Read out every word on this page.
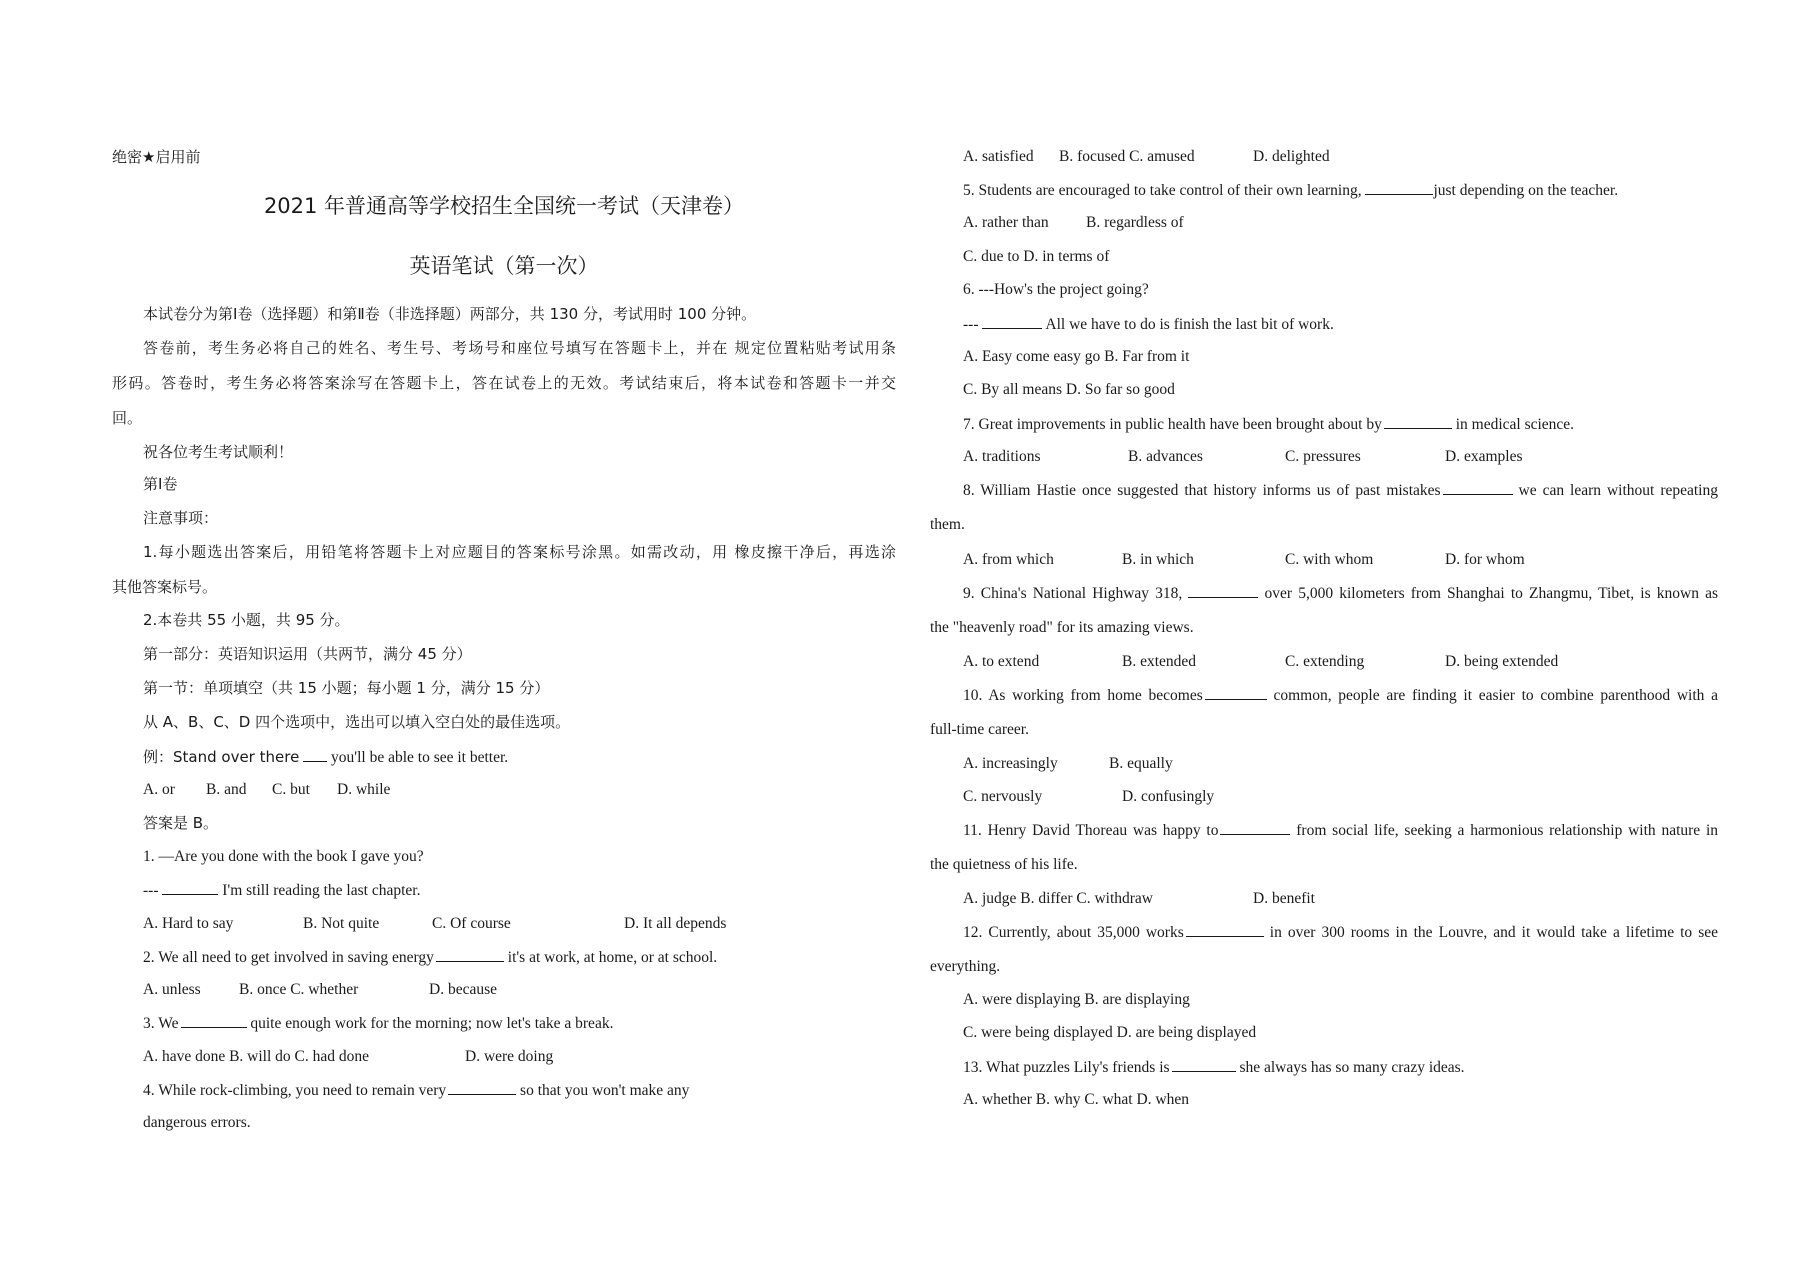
绝密★启用前
2021 年普通高等学校招生全国统一考试（天津卷）
英语笔试（第一次）
本试卷分为第Ⅰ卷（选择题）和第Ⅱ卷（非选择题）两部分，共 130 分，考试用时 100 分钟。
答卷前，考生务必将自己的姓名、考生号、考场号和座位号填写在答题卡上，并在 规定位置粘贴考试用条
形码。答卷时，考生务必将答案涂写在答题卡上，答在试卷上的无效。考试结束后，将本试卷和答题卡一并交
回。
祝各位考生考试顺利！
第Ⅰ卷
注意事项：
1.每小题选出答案后，用铅笔将答题卡上对应题目的答案标号涂黑。如需改动，用 橡皮擦干净后，再选涂
其他答案标号。
2.本卷共 55 小题，共 95 分。
第一部分：英语知识运用（共两节，满分 45 分）
第一节：单项填空（共 15 小题；每小题 1 分，满分 15 分）
从 A、B、C、D 四个选项中，选出可以填入空白处的最佳选项。
例：Stand over there you'll be able to see it better.
A. or B. and C. but D. while
答案是 B。
1. —Are you done with the book I gave you?
---	I'm still reading the last chapter.
A. Hard to say	B. Not quite	C. Of course	D. It all depends
2. We all need to get involved in saving energy	it's at work, at home, or at school.
A. unless B. once C. whether	D. because
3. We	quite enough work for the morning; now let's take a break.
A. have done B. will do C. had done	D. were doing
4. While rock-climbing, you need to remain very	so that you won't make any
dangerous errors.
A. satisfied B. focused C. amused	D. delighted
5. Students are encouraged to take control of their own learning,	just depending on the teacher.
A. rather than B. regardless of
C. due to D. in terms of
6. ---How's the project going?
---	All we have to do is finish the last bit of work.
A. Easy come easy go B. Far from it
C. By all means D. So far so good
7. Great improvements in public health have been brought about by	in medical science.
A. traditions	B. advances	C. pressures	D. examples
8. William Hastie once suggested that history informs us of past mistakes	we can learn without repeating
them.
A. from which	B. in which	C. with whom	D. for whom
9. China's National Highway 318,	over 5,000 kilometers from Shanghai to Zhangmu, Tibet, is known as
the "heavenly road" for its amazing views.
A. to extend	B. extended	C. extending	D. being extended
10. As working from home becomes	common, people are finding it easier to combine parenthood with a
full-time career.
A. increasingly	B. equally
C. nervously	D. confusingly
11. Henry David Thoreau was happy to	from social life, seeking a harmonious relationship with nature in
the quietness of his life.
A. judge B. differ C. withdraw	D. benefit
12. Currently, about 35,000 works	in over 300 rooms in the Louvre, and it would take a lifetime to see
everything.
A. were displaying B. are displaying
C. were being displayed D. are being displayed
13. What puzzles Lily's friends is	she always has so many crazy ideas.
A. whether B. why C. what D. when
